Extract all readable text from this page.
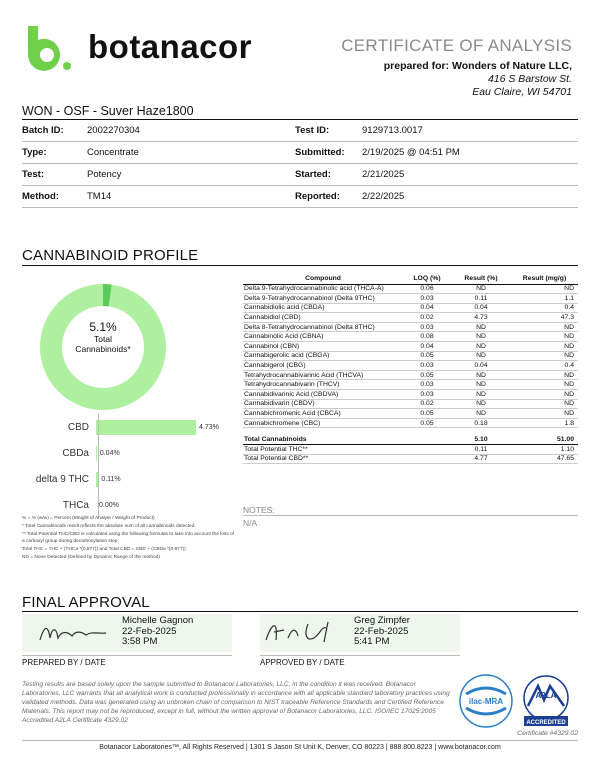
botanacor	CERTIFICATE OF ANALYSIS
prepared for: Wonders of Nature LLC,
416 S Barstow St.
Eau Claire, WI 54701
WON - OSF - Suver Haze1800
Batch ID:	2002270304	Test ID:	9129713.0017
Type:	Concentrate	Submitted:	2/19/2025 @ 04:51 PM
Test:	Potency	Started:	2/21/2025
Method:	TM14	Reported:	2/22/2025
CANNABINOID PROFILE
5.1%
Total
Cannabinoids*
CBD	4.73%
CBDa	0.04%
delta 9 THC	0.11%
THCa	0.00%

% = % (w/w) = Percent (Weight of Analyte / Weight of Product)

* Total Cannabinoids result reflects the absolute sum of all cannabinoids detected.

** Total Potential THC/CBD is calculated using the following formulas to take into account the loss of a carboxyl group during decarboxylation step.

Total THC = THC + (THCa *(0.877)) and Total CBD = CBD + (CBDa *(0.877))

ND = None Detected (Defined by Dynamic Range of the method)

Compound	LOQ (%)	Result (%)	Result (mg/g)
Delta 9-Tetrahydrocannabinolic acid (THCA-A)	0.06	ND	ND
Delta 9-Tetrahydrocannabinol (Delta 9THC)	0.03	0.11	1.1
Cannabidiolic acid (CBDA)	0.04	0.04	0.4
Cannabidiol (CBD)	0.02	4.73	47.3
Delta 8-Tetrahydrocannabinol (Delta 8THC)	0.03	ND	ND
Cannabinolic Acid (CBNA)	0.08	ND	ND
Cannabinol (CBN)	0.04	ND	ND
Cannabigerolic acid (CBGA)	0.05	ND	ND
Cannabigerol (CBG)	0.03	0.04	0.4
Tetrahydrocannabivarinic Acid (THCVA)	0.05	ND	ND
Tetrahydrocannabivarin (THCV)	0.03	ND	ND
Cannabidivarinic Acid (CBDVA)	0.03	ND	ND
Cannabidivarin (CBDV)	0.02	ND	ND
Cannabichromenic Acid (CBCA)	0.05	ND	ND
Cannabichromene (CBC)	0.05	0.18	1.8

Total Cannabinoids		5.10	51.00
Total Potential THC**		0.11	1.10
Total Potential CBD**		4.77	47.65
NOTES:
N/A
FINAL APPROVAL
Michelle Gagnon
22-Feb-2025
3:58 PM
PREPARED BY / DATE
Greg Zimpfer
22-Feb-2025
5:41 PM
APPROVED BY / DATE
Testing results are based solely upon the sample submitted to Botanacor Laboratories, LLC, in the condition it was received. Botanacor Laboratories, LLC warrants that all analytical work is conducted professionally in accordance with all applicable standard laboratory practices using validated methods. Data was generated using an unbroken chain of comparison to NIST traceable Reference Standards and Certified Reference Materials. This report may not be reproduced, except in full, without the written approval of Botanacor Laboratories, LLC. ISO/IEC 17025:2005 Accredited A2LA Certificate 4329.02
ilac-MRA
A2LA
ACCREDITED
Certificate #4329.02
Botanacor Laboratories™, All Rights Reserved | 1301 S Jason St Unit K, Denver, CO 80223 | 888.800.8223 | www.botanacor.com
